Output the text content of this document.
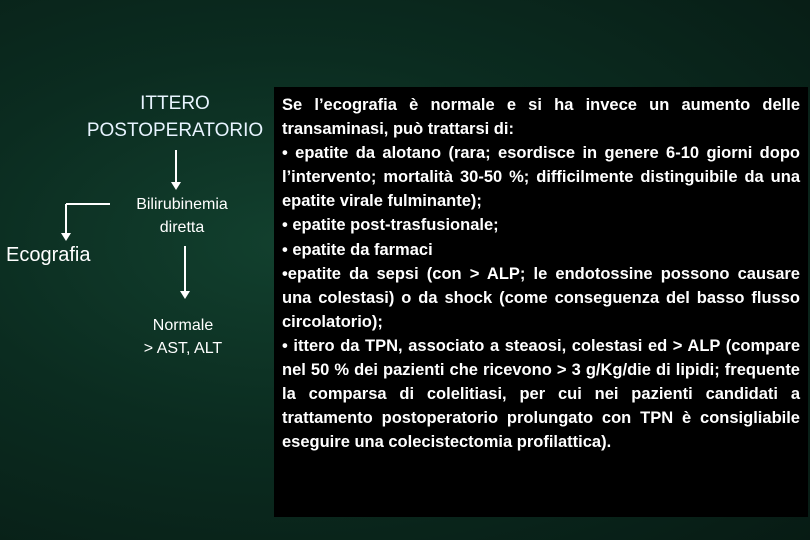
ITTERO
POSTOPERATORIO
Bilirubinemia
diretta
Ecografia
Normale
> AST, ALT

Se l’ecografia è normale e si ha invece un aumento delle transaminasi, può trattarsi di:

• epatite da alotano (rara; esordisce in genere 6-10 giorni dopo l’intervento; mortalità 30-50 %; difficilmente distinguibile da una epatite virale fulminante);

• epatite post-trasfusionale;

• epatite da farmaci

•epatite da sepsi (con > ALP; le endotossine possono causare una colestasi) o da shock (come conseguenza del basso flusso circolatorio);

• ittero da TPN, associato a steaosi, colestasi ed > ALP (compare nel 50 % dei pazienti che ricevono > 3 g/Kg/die di lipidi; frequente la comparsa di colelitiasi, per cui nei pazienti candidati a trattamento postoperatorio prolungato con TPN è consigliabile eseguire una colecistectomia profilattica).
